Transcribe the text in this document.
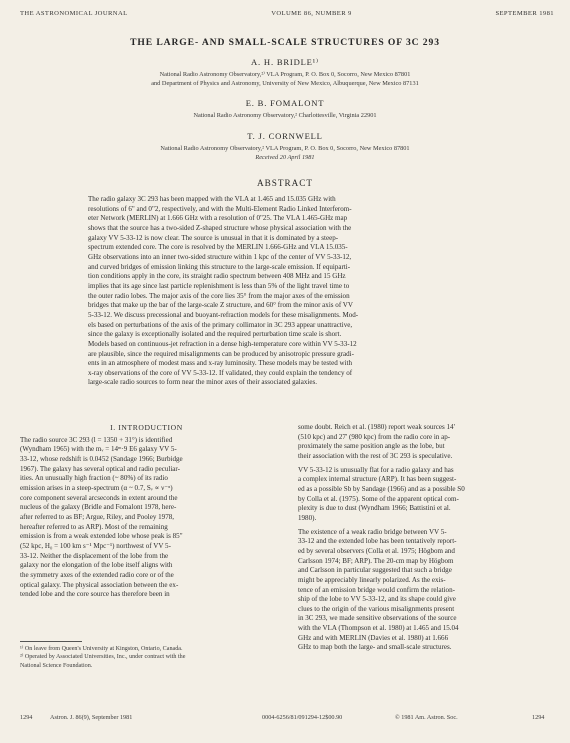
THE ASTRONOMICAL JOURNAL	VOLUME 86, NUMBER 9	SEPTEMBER 1981
THE LARGE- AND SMALL-SCALE STRUCTURES OF 3C 293
A. H. BRIDLE¹⁾
National Radio Astronomy Observatory,²⁾ VLA Program, P. O. Box 0, Socorro, New Mexico 87801
and Department of Physics and Astronomy, University of New Mexico, Albuquerque, New Mexico 87131
E. B. FOMALONT
National Radio Astronomy Observatory,² Charlottesville, Virginia 22901
T. J. CORNWELL
National Radio Astronomy Observatory,² VLA Program, P. O. Box 0, Socorro, New Mexico 87801
Received 20 April 1981
ABSTRACT
The radio galaxy 3C 293 has been mapped with the VLA at 1.465 and 15.035 GHz with
resolutions of 6" and 0"2, respectively, and with the Multi-Element Radio Linked Interferom-
eter Network (MERLIN) at 1.666 GHz with a resolution of 0"25. The VLA 1.465-GHz map
shows that the source has a two-sided Z-shaped structure whose physical association with the
galaxy VV 5-33-12 is now clear. The source is unusual in that it is dominated by a steep-
spectrum extended core. The core is resolved by the MERLIN 1.666-GHz and VLA 15.035-
GHz observations into an inner two-sided structure within 1 kpc of the center of VV 5-33-12,
and curved bridges of emission linking this structure to the large-scale emission. If equiparti-
tion conditions apply in the core, its straight radio spectrum between 408 MHz and 15 GHz
implies that its age since last particle replenishment is less than 5% of the light travel time to
the outer radio lobes. The major axis of the core lies 35° from the major axes of the emission
bridges that make up the bar of the large-scale Z structure, and 60° from the minor axis of VV
5-33-12. We discuss precessional and buoyant-refraction models for these misalignments. Mod-
els based on perturbations of the axis of the primary collimator in 3C 293 appear unattractive,
since the galaxy is exceptionally isolated and the required perturbation time scale is short.
Models based on continuous-jet refraction in a dense high-temperature core within VV 5-33-12
are plausible, since the required misalignments can be produced by anisotropic pressure gradi-
ents in an atmosphere of modest mass and x-ray luminosity. These models may be tested with
x-ray observations of the core of VV 5-33-12. If validated, they could explain the tendency of
large-scale radio sources to form near the minor axes of their associated galaxies.
I. INTRODUCTION
The radio source 3C 293 (l = 1350 + 31°) is identified
(Wyndham 1965) with the mᵥ = 14ᵐ·9 E6 galaxy VV 5-
33-12, whose redshift is 0.0452 (Sandage 1966; Burbidge
1967). The galaxy has several optical and radio peculiar-
ities. An unusually high fraction (~ 80%) of its radio
emission arises in a steep-spectrum (α ~ 0.7, Sᵥ ∝ ν⁻ᵅ)
core component several arcseconds in extent around the
nucleus of the galaxy (Bridle and Fomalont 1978, here-
after referred to as BF; Argue, Riley, and Pooley 1978,
hereafter referred to as ARP). Most of the remaining
emission is from a weak extended lobe whose peak is 85"
(52 kpc, H₀ = 100 km s⁻¹ Mpc⁻¹) northwest of VV 5-
33-12. Neither the displacement of the lobe from the
galaxy nor the elongation of the lobe itself aligns with
the symmetry axes of the extended radio core or of the
optical galaxy. The physical association between the ex-
tended lobe and the core source has therefore been in
some doubt. Reich et al. (1980) report weak sources 14'
(510 kpc) and 27' (980 kpc) from the radio core in ap-
proximately the same position angle as the lobe, but
their association with the rest of 3C 293 is speculative.
VV 5-33-12 is unusually flat for a radio galaxy and has
a complex internal structure (ARP). It has been suggest-
ed as a possible Sb by Sandage (1966) and as a possible S0
by Colla et al. (1975). Some of the apparent optical com-
plexity is due to dust (Wyndham 1966; Battistini et al.
1980).
The existence of a weak radio bridge between VV 5-
33-12 and the extended lobe has been tentatively report-
ed by several observers (Colla et al. 1975; Högbom and
Carlsson 1974; BF; ARP). The 20-cm map by Högbom
and Carlsson in particular suggested that such a bridge
might be appreciably linearly polarized. As the exis-
tence of an emission bridge would confirm the relation-
ship of the lobe to VV 5-33-12, and its shape could give
clues to the origin of the various misalignments present
in 3C 293, we made sensitive observations of the source
with the VLA (Thompson et al. 1980) at 1.465 and 15.04
GHz and with MERLIN (Davies et al. 1980) at 1.666
GHz to map both the large- and small-scale structures.
¹⁾ On leave from Queen's University at Kingston, Ontario, Canada.
²⁾ Operated by Associated Universities, Inc., under contract with the
National Science Foundation.
1294	Astron. J. 86(9), September 1981	0004-6256/81/091294-12$00.90	© 1981 Am. Astron. Soc.	1294
